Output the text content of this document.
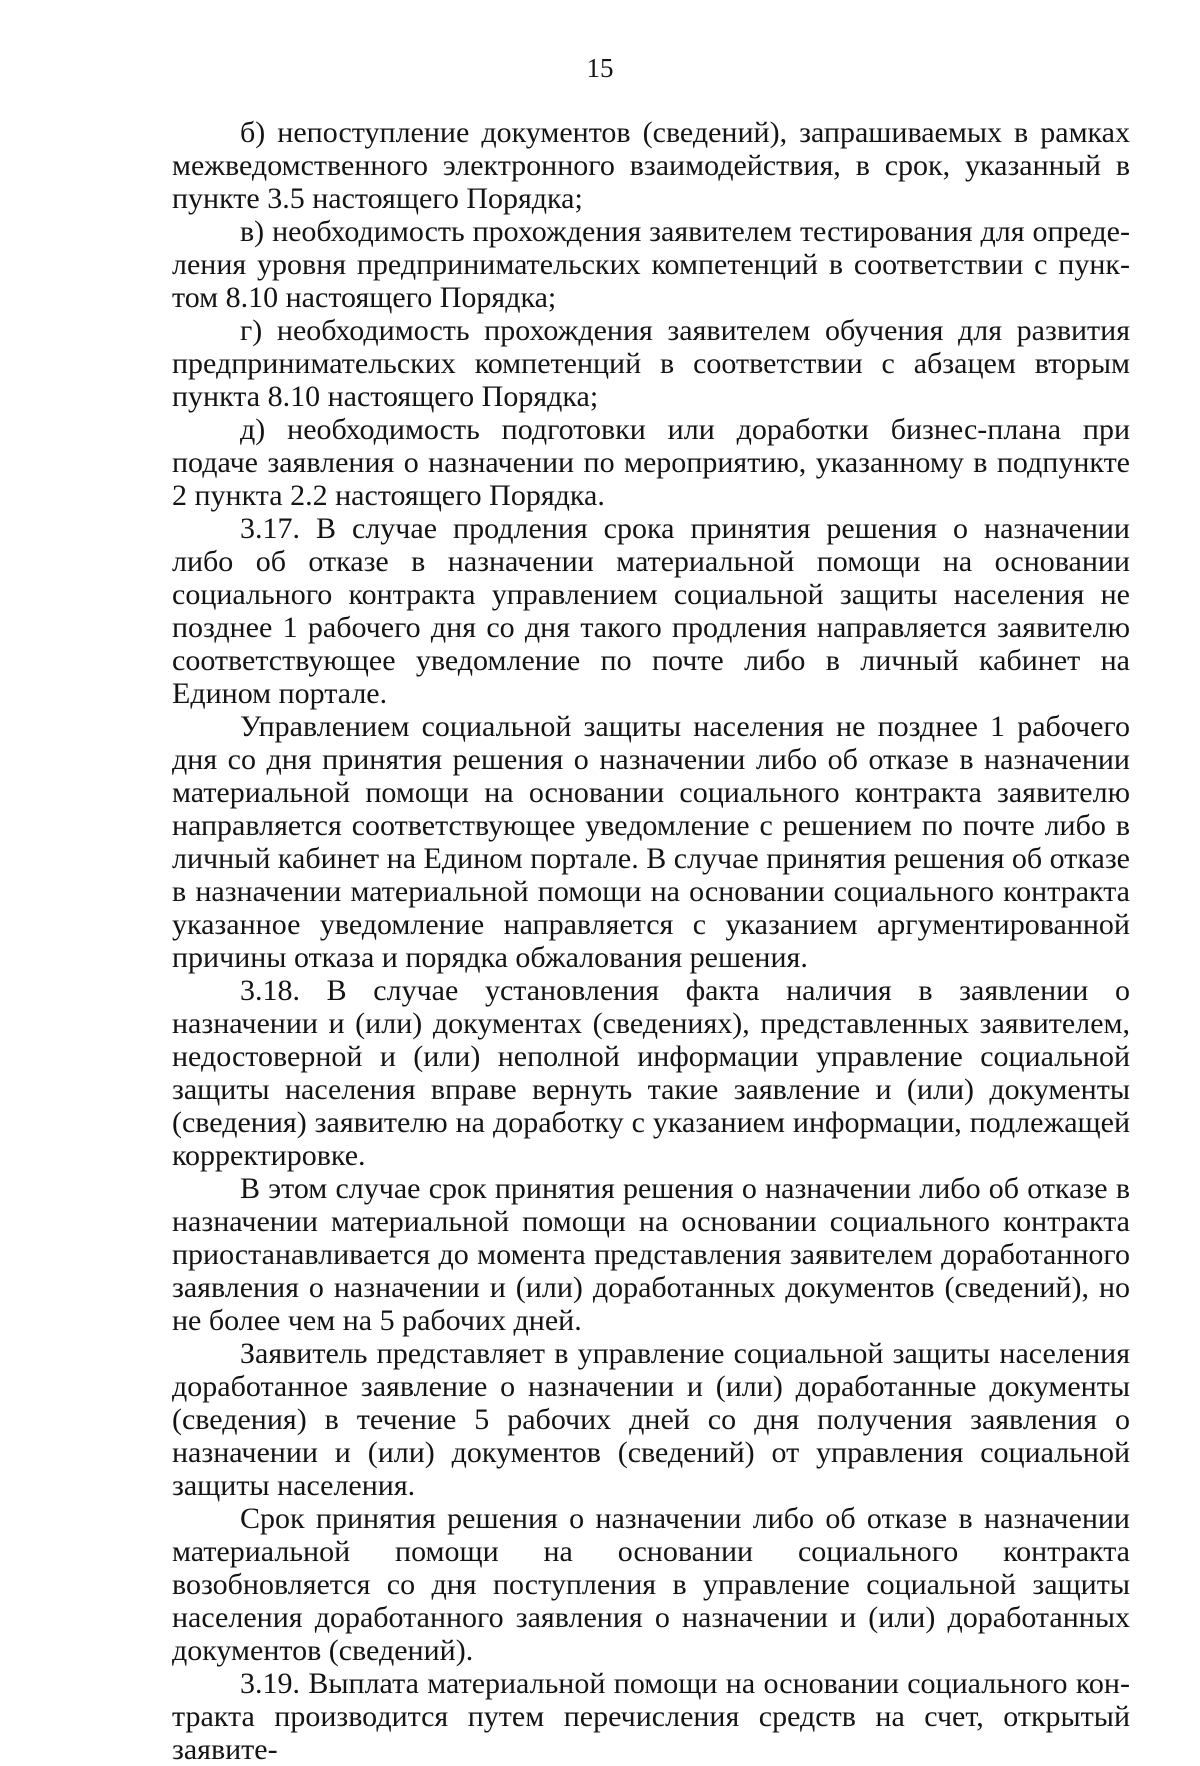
15

б) непоступление документов (сведений), запрашиваемых в рамках межведомственного электронного взаимодействия, в срок, указанный в пункте 3.5 настоящего Порядка;

в) необходимость прохождения заявителем тестирования для определения уровня предпринимательских компетенций в соответствии с пунктом 8.10 настоящего Порядка;

г) необходимость прохождения заявителем обучения для развития предпринимательских компетенций в соответствии с абзацем вторым пункта 8.10 настоящего Порядка;

д) необходимость подготовки или доработки бизнес-плана при подаче заявления о назначении по мероприятию, указанному в подпункте 2 пункта 2.2 настоящего Порядка.

3.17. В случае продления срока принятия решения о назначении либо об отказе в назначении материальной помощи на основании социального контракта управлением социальной защиты населения не позднее 1 рабочего дня со дня такого продления направляется заявителю соответствующее уведомление по почте либо в личный кабинет на Едином портале.

Управлением социальной защиты населения не позднее 1 рабочего дня со дня принятия решения о назначении либо об отказе в назначении материальной помощи на основании социального контракта заявителю направляется соответствующее уведомление с решением по почте либо в личный кабинет на Едином портале. В случае принятия решения об отказе в назначении материальной помощи на основании социального контракта указанное уведомление направляется с указанием аргументированной причины отказа и порядка обжалования решения.

3.18. В случае установления факта наличия в заявлении о назначении и (или) документах (сведениях), представленных заявителем, недостоверной и (или) неполной информации управление социальной защиты населения вправе вернуть такие заявление и (или) документы (сведения) заявителю на доработку с указанием информации, подлежащей корректировке.

В этом случае срок принятия решения о назначении либо об отказе в назначении материальной помощи на основании социального контракта приостанавливается до момента представления заявителем доработанного заявления о назначении и (или) доработанных документов (сведений), но не более чем на 5 рабочих дней.

Заявитель представляет в управление социальной защиты населения доработанное заявление о назначении и (или) доработанные документы (сведения) в течение 5 рабочих дней со дня получения заявления о назначении и (или) документов (сведений) от управления социальной защиты населения.

Срок принятия решения о назначении либо об отказе в назначении материальной помощи на основании социального контракта возобновляется со дня поступления в управление социальной защиты населения доработанного заявления о назначении и (или) доработанных документов (сведений).

3.19. Выплата материальной помощи на основании социального контракта производится путем перечисления средств на счет, открытый заявите-
